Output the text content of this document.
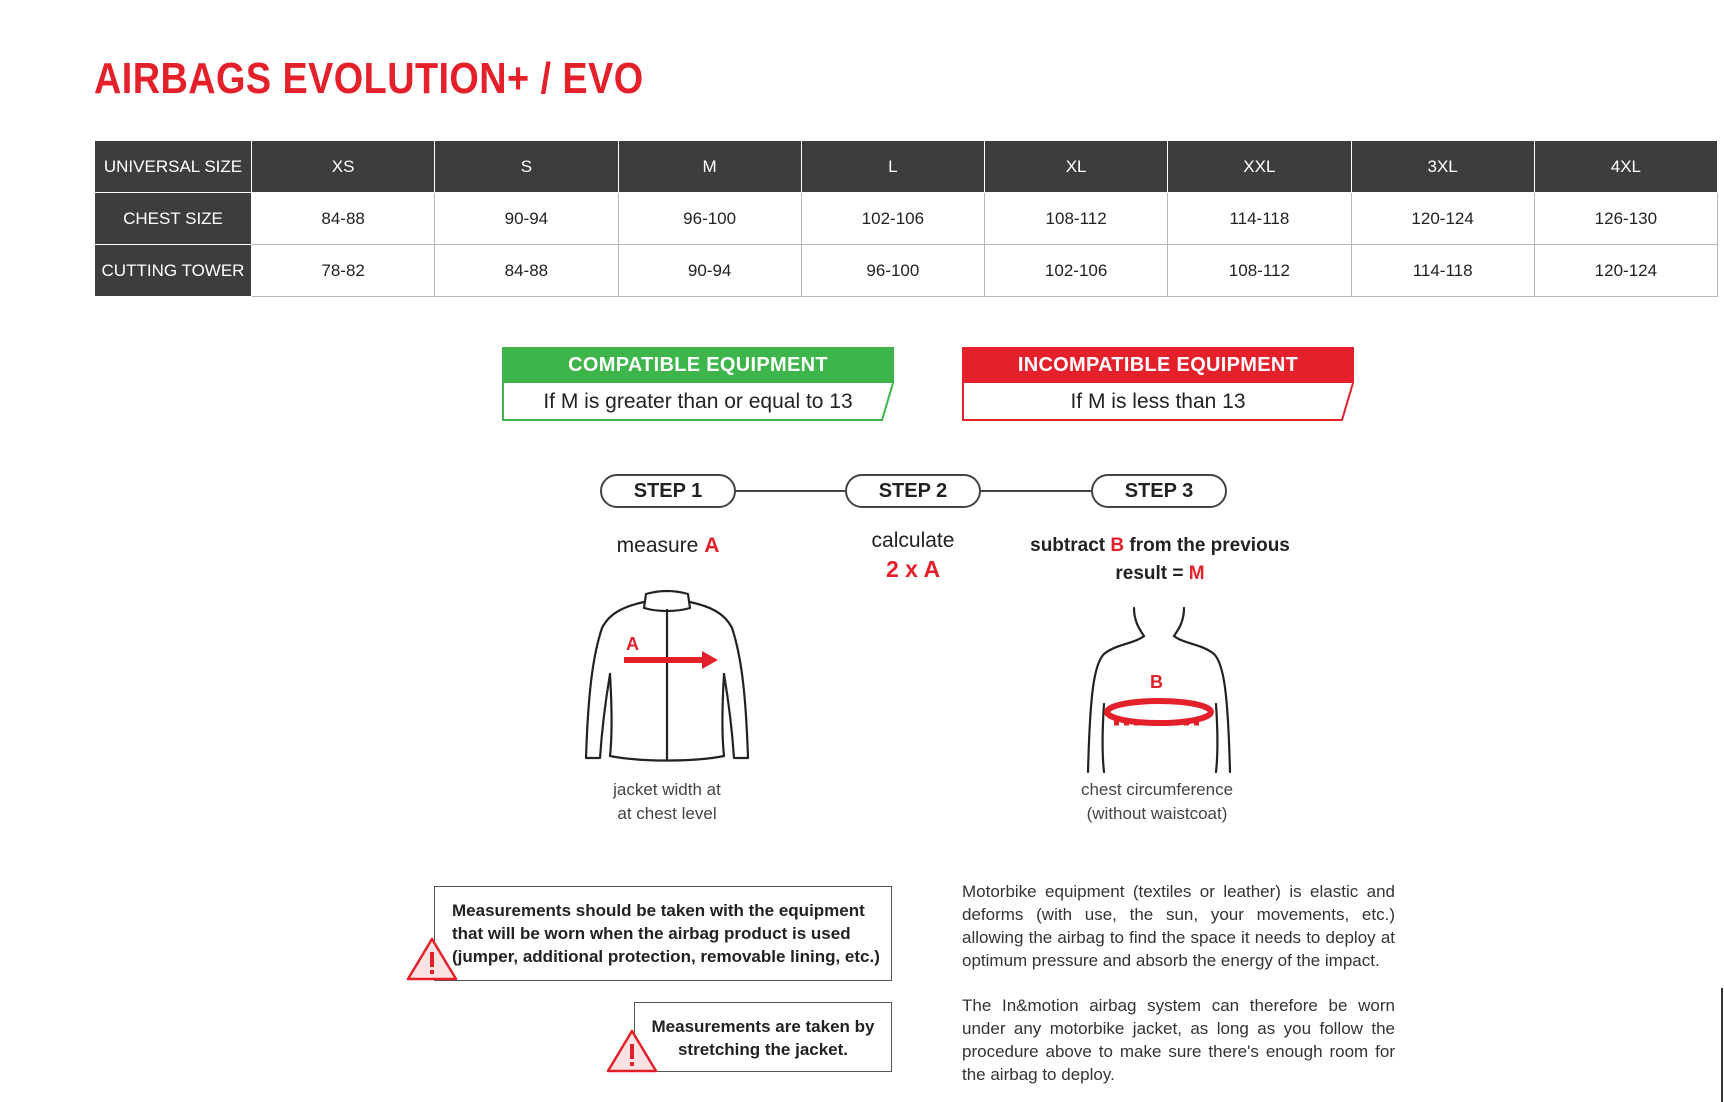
AIRBAGS EVOLUTION+ / EVO
UNIVERSAL SIZE	XS	S	M	L	XL	XXL	3XL	4XL
CHEST SIZE	84-88	90-94	96-100	102-106	108-112	114-118	120-124	126-130
CUTTING TOWER	78-82	84-88	90-94	96-100	102-106	108-112	114-118	120-124
COMPATIBLE EQUIPMENT
If M is greater than or equal to 13
INCOMPATIBLE EQUIPMENT
If M is less than 13
STEP 1	STEP 2	STEP 3
measure A	calculate
2 x A
subtract B from the previous
result = M
A
jacket width at
at chest level
B
chest circumference
(without waistcoat)
Measurements should be taken with the equipment
that will be worn when the airbag product is used
(jumper, additional protection, removable lining, etc.)
Measurements are taken by
stretching the jacket.

Motorbike equipment (textiles or leather) is elastic and deforms (with use, the sun, your movements, etc.) allowing the airbag to find the space it needs to deploy at optimum pressure and absorb the energy of the impact.

The In&motion airbag system can therefore be worn under any motorbike jacket, as long as you follow the procedure above to make sure there's enough room for the airbag to deploy.
